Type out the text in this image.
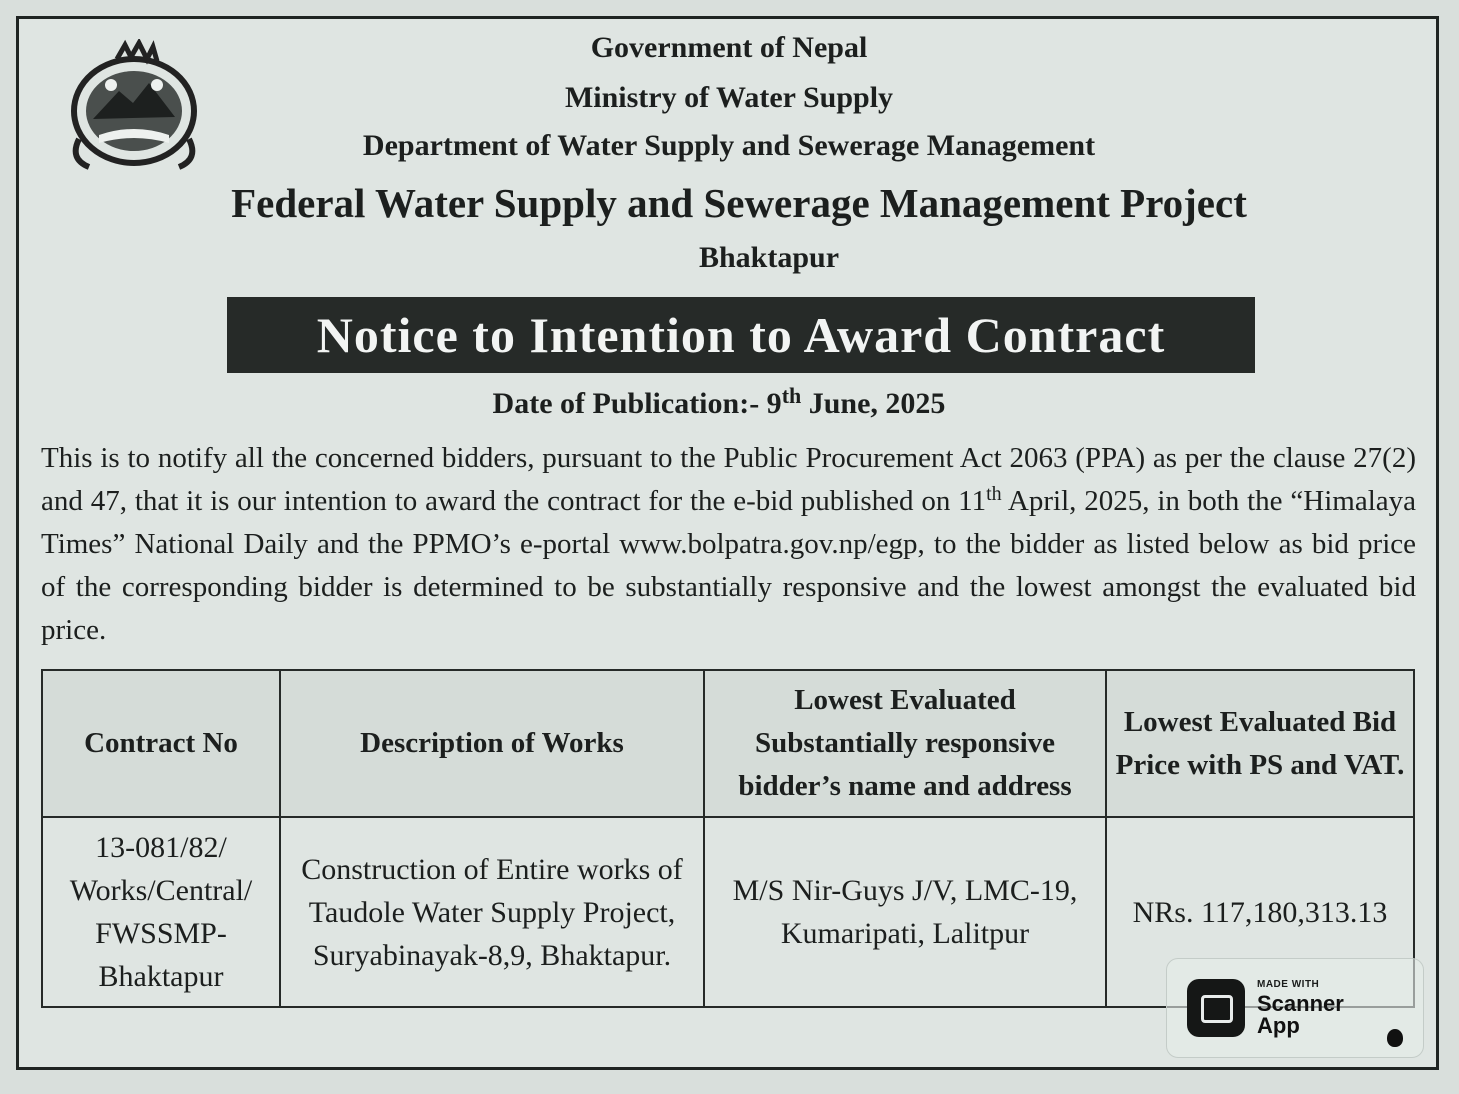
Government of Nepal
Ministry of Water Supply
Department of Water Supply and Sewerage Management
Federal Water Supply and Sewerage Management Project
Bhaktapur
Notice to Intention to Award Contract
Date of Publication:- 9th June, 2025
This is to notify all the concerned bidders, pursuant to the Public Procurement Act 2063 (PPA) as per the clause 27(2) and 47, that it is our intention to award the contract for the e-bid published on 11th April, 2025, in both the “Himalaya Times” National Daily and the PPMO’s e-portal www.bolpatra.gov.np/egp, to the bidder as listed below as bid price of the corresponding bidder is determined to be substantially responsive and the lowest amongst the evaluated bid price.
Contract No	Description of Works	Lowest Evaluated Substantially responsive bidder’s name and address	Lowest Evaluated Bid Price with PS and VAT.
13-081/82/ Works/Central/ FWSSMP- Bhaktapur	Construction of Entire works of Taudole Water Supply Project, Suryabinayak-8,9, Bhaktapur.	M/S Nir-Guys J/V, LMC-19, Kumaripati, Lalitpur	NRs. 117,180,313.13
MADE WITH
Scanner App
